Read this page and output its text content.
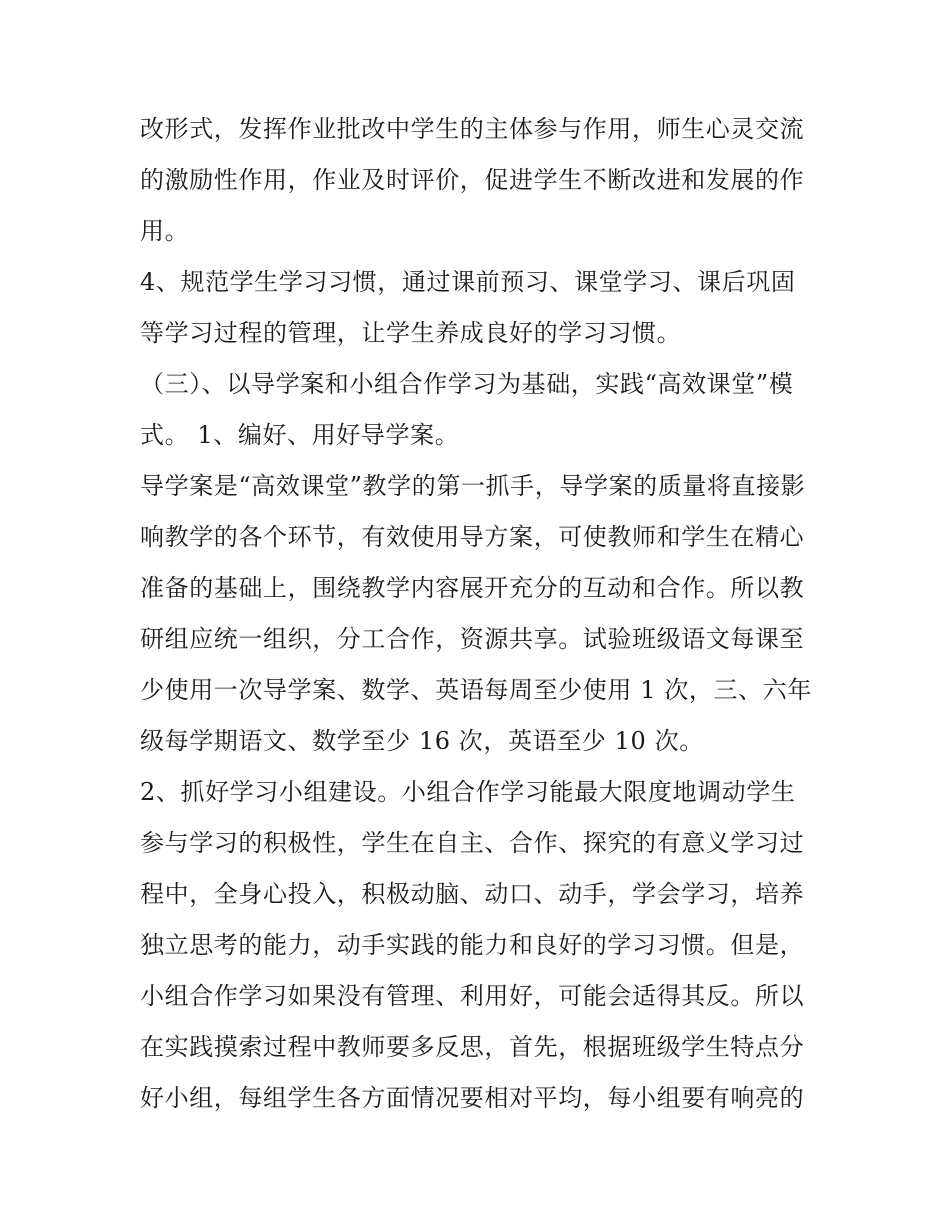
改形式，发挥作业批改中学生的主体参与作用，师生心灵交流
的激励性作用，作业及时评价，促进学生不断改进和发展的作
用。
4、规范学生学习习惯，通过课前预习、课堂学习、课后巩固
等学习过程的管理，让学生养成良好的学习习惯。
（三）、以导学案和小组合作学习为基础，实践“高效课堂”模
式。 1、编好、用好导学案。
导学案是“高效课堂”教学的第一抓手，导学案的质量将直接影
响教学的各个环节，有效使用导方案，可使教师和学生在精心
准备的基础上，围绕教学内容展开充分的互动和合作。所以教
研组应统一组织，分工合作，资源共享。试验班级语文每课至
少使用一次导学案、数学、英语每周至少使用 1 次，三、六年
级每学期语文、数学至少 16 次，英语至少 10 次。
2、抓好学习小组建设。小组合作学习能最大限度地调动学生
参与学习的积极性，学生在自主、合作、探究的有意义学习过
程中，全身心投入，积极动脑、动口、动手，学会学习，培养
独立思考的能力，动手实践的能力和良好的学习习惯。但是，
小组合作学习如果没有管理、利用好，可能会适得其反。所以
在实践摸索过程中教师要多反思，首先，根据班级学生特点分
好小组，每组学生各方面情况要相对平均，每小组要有响亮的
